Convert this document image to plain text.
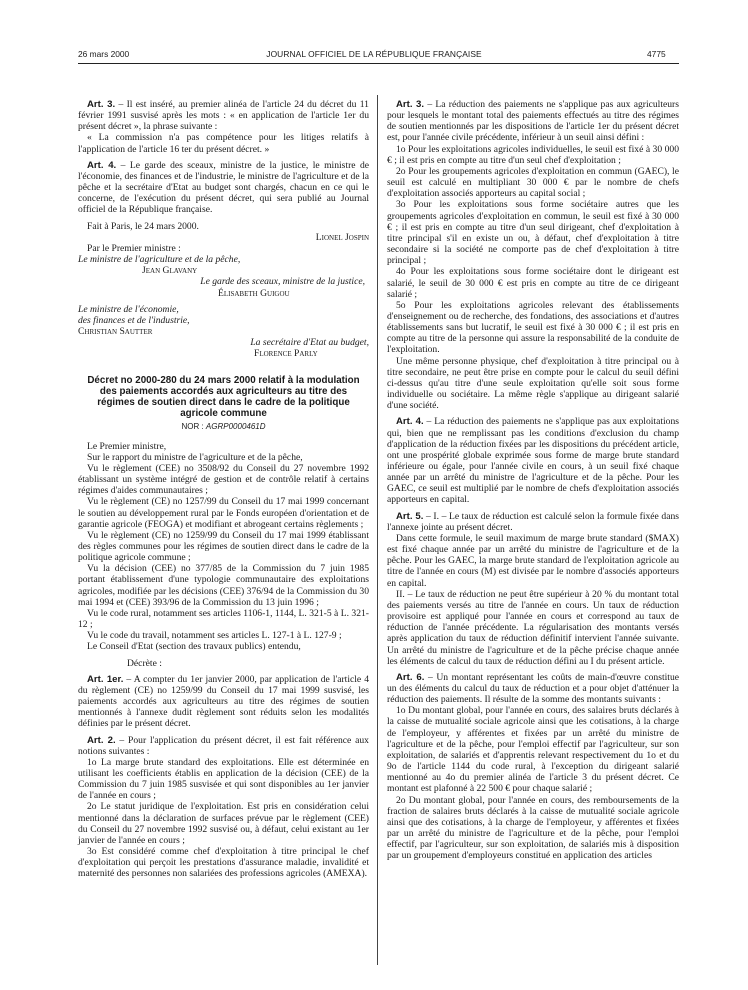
26 mars 2000	JOURNAL OFFICIEL DE LA RÉPUBLIQUE FRANÇAISE	4775

Art. 3. – Il est inséré, au premier alinéa de l'article 24 du décret du 11 février 1991 susvisé après les mots : « en application de l'article 1er du présent décret », la phrase suivante :

« La commission n'a pas compétence pour les litiges relatifs à l'application de l'article 16 ter du présent décret. »

Art. 4. – Le garde des sceaux, ministre de la justice, le ministre de l'économie, des finances et de l'industrie, le ministre de l'agriculture et de la pêche et la secrétaire d'Etat au budget sont chargés, chacun en ce qui le concerne, de l'exécution du présent décret, qui sera publié au Journal officiel de la République française.

Fait à Paris, le 24 mars 2000.

Lionel Jospin

Par le Premier ministre :

Le ministre de l'agriculture et de la pêche,

Jean Glavany

Le garde des sceaux, ministre de la justice,

Élisabeth Guigou

Le ministre de l'économie,

des finances et de l'industrie,

Christian Sautter

La secrétaire d'Etat au budget,

Florence Parly

Décret no 2000-280 du 24 mars 2000 relatif à la modulation des paiements accordés aux agriculteurs au titre des régimes de soutien direct dans le cadre de la politique agricole commune

NOR : AGRP0000461D

Le Premier ministre,

Sur le rapport du ministre de l'agriculture et de la pêche,

Vu le règlement (CEE) no 3508/92 du Conseil du 27 novembre 1992 établissant un système intégré de gestion et de contrôle relatif à certains régimes d'aides communautaires ;

Vu le règlement (CE) no 1257/99 du Conseil du 17 mai 1999 concernant le soutien au développement rural par le Fonds européen d'orientation et de garantie agricole (FEOGA) et modifiant et abrogeant certains règlements ;

Vu le règlement (CE) no 1259/99 du Conseil du 17 mai 1999 établissant des règles communes pour les régimes de soutien direct dans le cadre de la politique agricole commune ;

Vu la décision (CEE) no 377/85 de la Commission du 7 juin 1985 portant établissement d'une typologie communautaire des exploitations agricoles, modifiée par les décisions (CEE) 376/94 de la Commission du 30 mai 1994 et (CEE) 393/96 de la Commission du 13 juin 1996 ;

Vu le code rural, notamment ses articles 1106-1, 1144, L. 321-5 à L. 321-12 ;

Vu le code du travail, notamment ses articles L. 127-1 à L. 127-9 ;

Le Conseil d'Etat (section des travaux publics) entendu,

Décrète :

Art. 1er. – A compter du 1er janvier 2000, par application de l'article 4 du règlement (CE) no 1259/99 du Conseil du 17 mai 1999 susvisé, les paiements accordés aux agriculteurs au titre des régimes de soutien mentionnés à l'annexe dudit règlement sont réduits selon les modalités définies par le présent décret.

Art. 2. – Pour l'application du présent décret, il est fait référence aux notions suivantes :

1o La marge brute standard des exploitations. Elle est déterminée en utilisant les coefficients établis en application de la décision (CEE) de la Commission du 7 juin 1985 susvisée et qui sont disponibles au 1er janvier de l'année en cours ;

2o Le statut juridique de l'exploitation. Est pris en considération celui mentionné dans la déclaration de surfaces prévue par le règlement (CEE) du Conseil du 27 novembre 1992 susvisé ou, à défaut, celui existant au 1er janvier de l'année en cours ;

3o Est considéré comme chef d'exploitation à titre principal le chef d'exploitation qui perçoit les prestations d'assurance maladie, invalidité et maternité des personnes non salariées des professions agricoles (AMEXA).

Art. 3. – La réduction des paiements ne s'applique pas aux agriculteurs pour lesquels le montant total des paiements effectués au titre des régimes de soutien mentionnés par les dispositions de l'article 1er du présent décret est, pour l'année civile précédente, inférieur à un seuil ainsi défini :

1o Pour les exploitations agricoles individuelles, le seuil est fixé à 30 000 € ; il est pris en compte au titre d'un seul chef d'exploitation ;

2o Pour les groupements agricoles d'exploitation en commun (GAEC), le seuil est calculé en multipliant 30 000 € par le nombre de chefs d'exploitation associés apporteurs au capital social ;

3o Pour les exploitations sous forme sociétaire autres que les groupements agricoles d'exploitation en commun, le seuil est fixé à 30 000 € ; il est pris en compte au titre d'un seul dirigeant, chef d'exploitation à titre principal s'il en existe un ou, à défaut, chef d'exploitation à titre secondaire si la société ne comporte pas de chef d'exploitation à titre principal ;

4o Pour les exploitations sous forme sociétaire dont le dirigeant est salarié, le seuil de 30 000 € est pris en compte au titre de ce dirigeant salarié ;

5o Pour les exploitations agricoles relevant des établissements d'enseignement ou de recherche, des fondations, des associations et d'autres établissements sans but lucratif, le seuil est fixé à 30 000 € ; il est pris en compte au titre de la personne qui assure la responsabilité de la conduite de l'exploitation.

Une même personne physique, chef d'exploitation à titre principal ou à titre secondaire, ne peut être prise en compte pour le calcul du seuil défini ci-dessus qu'au titre d'une seule exploitation qu'elle soit sous forme individuelle ou sociétaire. La même règle s'applique au dirigeant salarié d'une société.

Art. 4. – La réduction des paiements ne s'applique pas aux exploitations qui, bien que ne remplissant pas les conditions d'exclusion du champ d'application de la réduction fixées par les dispositions du précédent article, ont une prospérité globale exprimée sous forme de marge brute standard inférieure ou égale, pour l'année civile en cours, à un seuil fixé chaque année par un arrêté du ministre de l'agriculture et de la pêche. Pour les GAEC, ce seuil est multiplié par le nombre de chefs d'exploitation associés apporteurs en capital.

Art. 5. – I. – Le taux de réduction est calculé selon la formule fixée dans l'annexe jointe au présent décret.

Dans cette formule, le seuil maximum de marge brute standard ($MAX) est fixé chaque année par un arrêté du ministre de l'agriculture et de la pêche. Pour les GAEC, la marge brute standard de l'exploitation agricole au titre de l'année en cours (M) est divisée par le nombre d'associés apporteurs en capital.

II. – Le taux de réduction ne peut être supérieur à 20 % du montant total des paiements versés au titre de l'année en cours. Un taux de réduction provisoire est appliqué pour l'année en cours et correspond au taux de réduction de l'année précédente. La régularisation des montants versés après application du taux de réduction définitif intervient l'année suivante. Un arrêté du ministre de l'agriculture et de la pêche précise chaque année les éléments de calcul du taux de réduction défini au I du présent article.

Art. 6. – Un montant représentant les coûts de main-d'œuvre constitue un des éléments du calcul du taux de réduction et a pour objet d'atténuer la réduction des paiements. Il résulte de la somme des montants suivants :

1o Du montant global, pour l'année en cours, des salaires bruts déclarés à la caisse de mutualité sociale agricole ainsi que les cotisations, à la charge de l'employeur, y afférentes et fixées par un arrêté du ministre de l'agriculture et de la pêche, pour l'emploi effectif par l'agriculteur, sur son exploitation, de salariés et d'apprentis relevant respectivement du 1o et du 9o de l'article 1144 du code rural, à l'exception du dirigeant salarié mentionné au 4o du premier alinéa de l'article 3 du présent décret. Ce montant est plafonné à 22 500 € pour chaque salarié ;

2o Du montant global, pour l'année en cours, des remboursements de la fraction de salaires bruts déclarés à la caisse de mutualité sociale agricole ainsi que des cotisations, à la charge de l'employeur, y afférentes et fixées par un arrêté du ministre de l'agriculture et de la pêche, pour l'emploi effectif, par l'agriculteur, sur son exploitation, de salariés mis à disposition par un groupement d'employeurs constitué en application des articles
